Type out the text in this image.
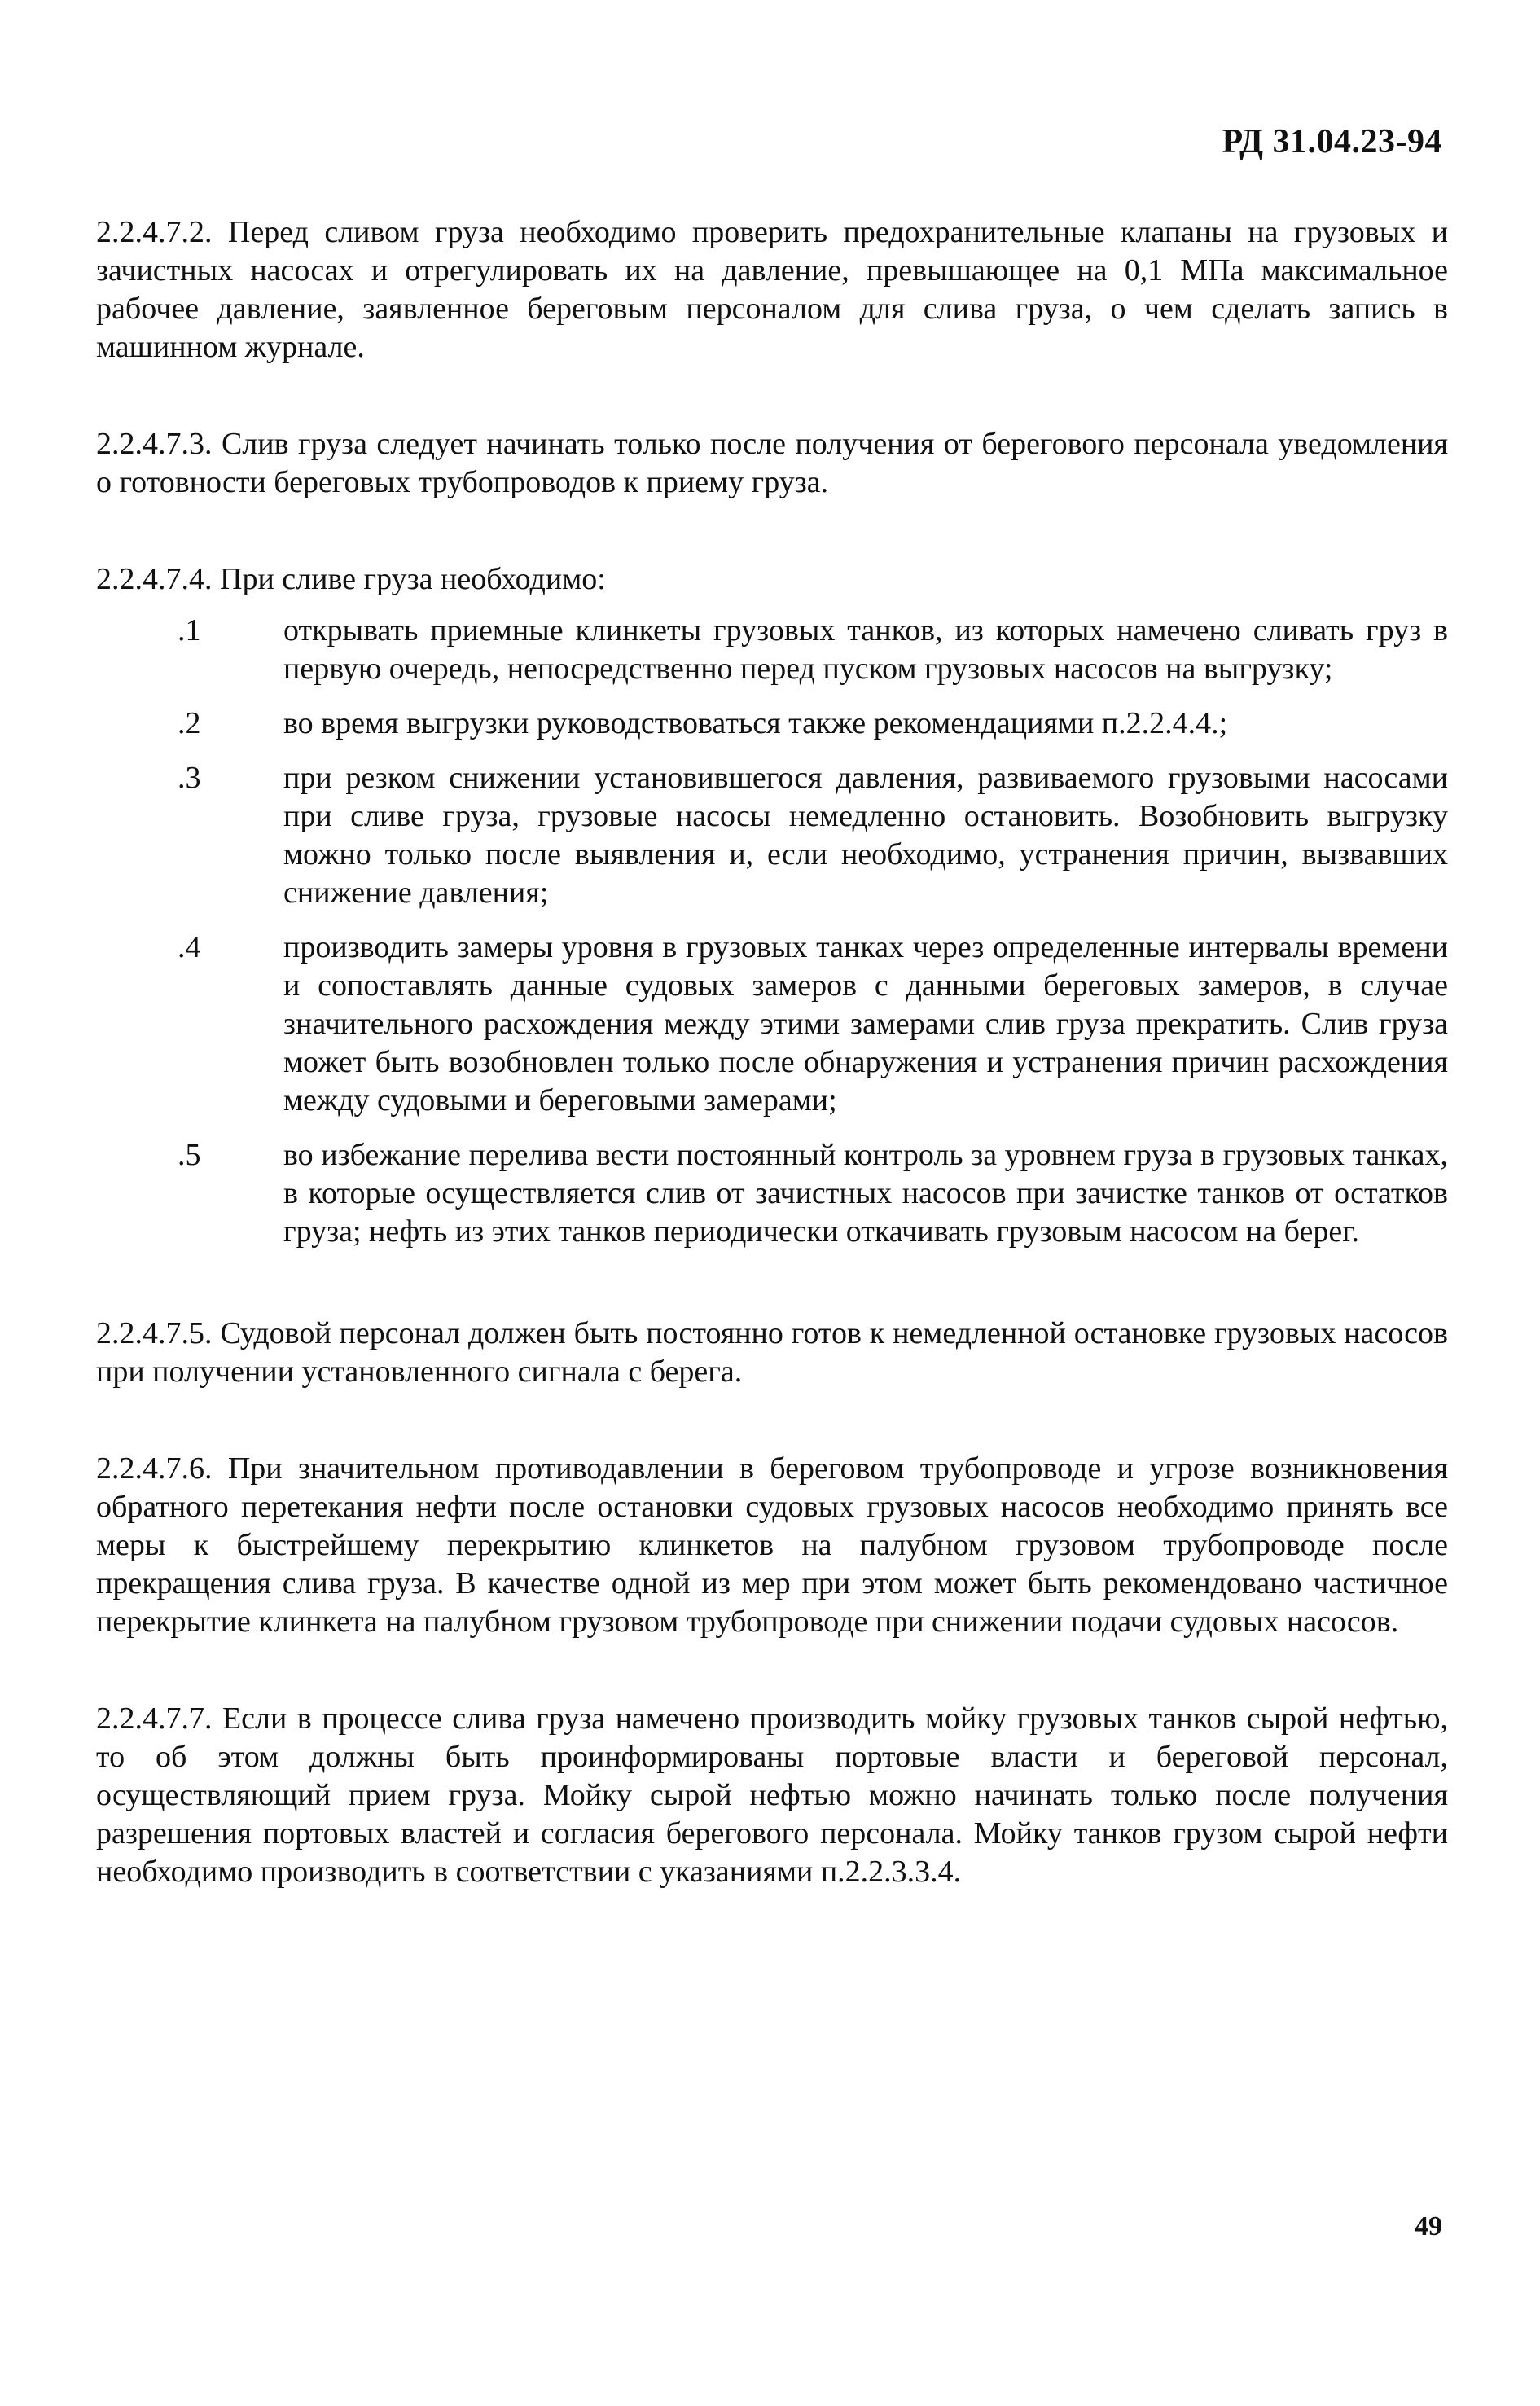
РД 31.04.23-94

2.2.4.7.2. Перед сливом груза необходимо проверить предохранительные клапаны на грузовых и зачистных насосах и отрегулировать их на давление, превышающее на 0,1 МПа максимальное рабочее давление, заявленное береговым персоналом для слива груза, о чем сделать запись в машинном журнале.

2.2.4.7.3. Слив груза следует начинать только после получения от берегового персонала уведомления о готовности береговых трубопроводов к приему груза.

2.2.4.7.4. При сливе груза необходимо:

.1	открывать приемные клинкеты грузовых танков, из которых намечено сливать груз в первую очередь, непосредственно перед пуском грузовых насосов на выгрузку;
.2	во время выгрузки руководствоваться также рекомендациями п.2.2.4.4.;
.3	при резком снижении установившегося давления, развиваемого грузовыми насосами при сливе груза, грузовые насосы немедленно остановить. Возобновить выгрузку можно только после выявления и, если необходимо, устранения причин, вызвавших снижение давления;
.4	производить замеры уровня в грузовых танках через определенные интервалы времени и сопоставлять данные судовых замеров с данными береговых замеров, в случае значительного расхождения между этими замерами слив груза прекратить. Слив груза может быть возобновлен только после обнаружения и устранения причин расхождения между судовыми и береговыми замерами;
.5	во избежание перелива вести постоянный контроль за уровнем груза в грузовых танках, в которые осуществляется слив от зачистных насосов при зачистке танков от остатков груза; нефть из этих танков периодически откачивать грузовым насосом на берег.

2.2.4.7.5. Судовой персонал должен быть постоянно готов к немедленной остановке грузовых насосов при получении установленного сигнала с берега.

2.2.4.7.6. При значительном противодавлении в береговом трубопроводе и угрозе возникновения обратного перетекания нефти после остановки судовых грузовых насосов необходимо принять все меры к быстрейшему перекрытию клинкетов на палубном грузовом трубопроводе после прекращения слива груза. В качестве одной из мер при этом может быть рекомендовано частичное перекрытие клинкета на палубном грузовом трубопроводе при снижении подачи судовых насосов.

2.2.4.7.7. Если в процессе слива груза намечено производить мойку грузовых танков сырой нефтью, то об этом должны быть проинформированы портовые власти и береговой персонал, осуществляющий прием груза. Мойку сырой нефтью можно начинать только после получения разрешения портовых властей и согласия берегового персонала. Мойку танков грузом сырой нефти необходимо производить в соответствии с указаниями п.2.2.3.3.4.

49
